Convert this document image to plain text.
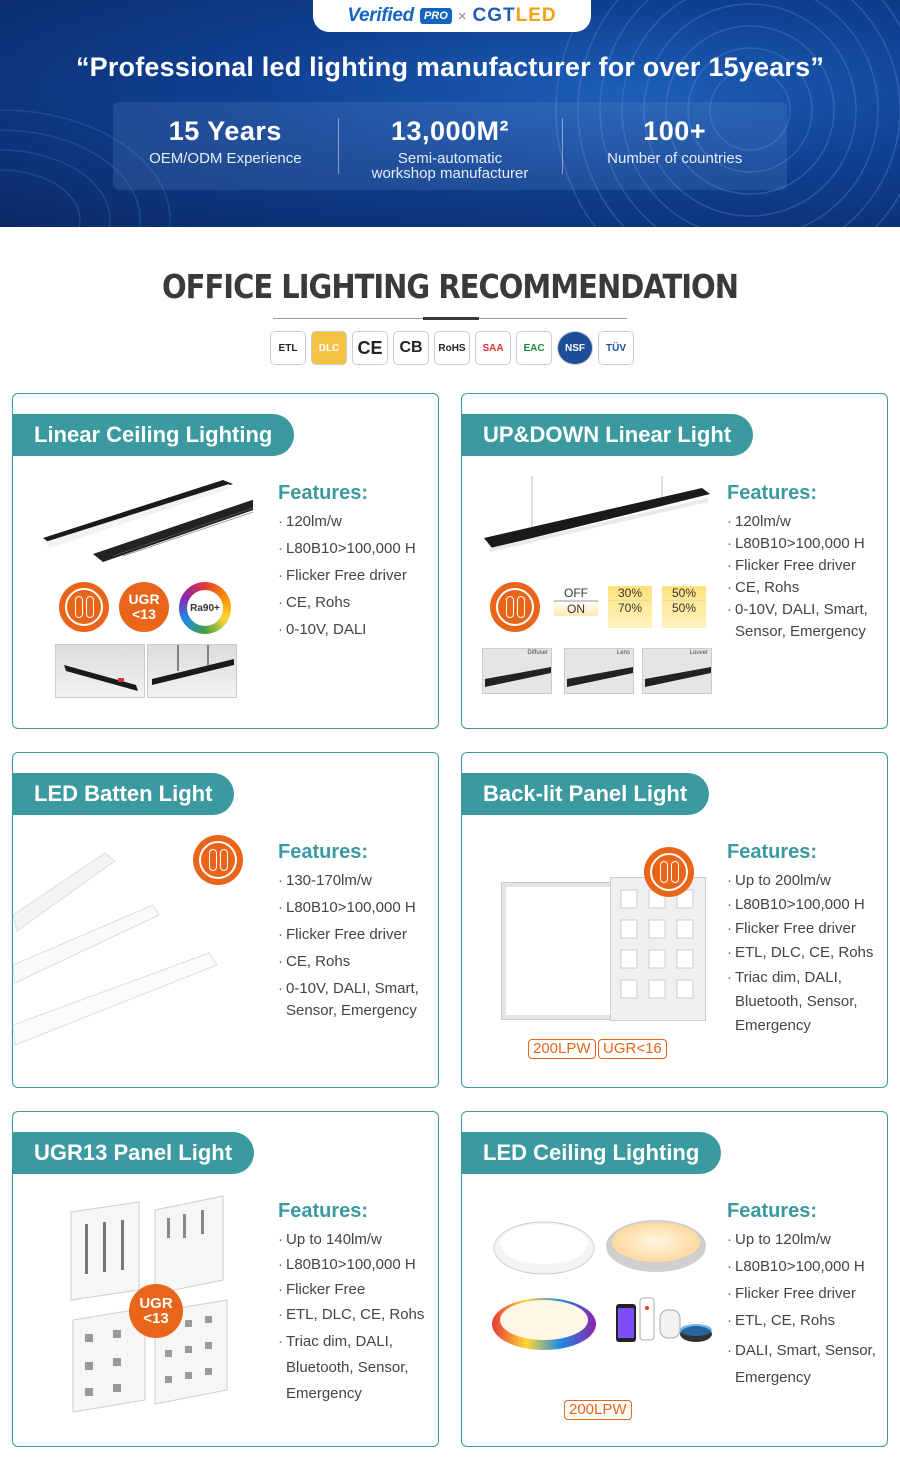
Verified PRO × CGTLED
“Professional led lighting manufacturer for over 15years”
15 Years
OEM/ODM Experience
13,000M²
Semi-automatic
workshop manufacturer
100+
Number of countries
OFFICE LIGHTING RECOMMENDATION
ETL DLC CE CB RoHS SAA EAC NSF TÜV
Linear Ceiling Lighting
UGR
<13	Ra90+
Features:
· 120lm/w
· L80B10>100,000 H
· Flicker Free driver
· CE, Rohs
· 0-10V, DALI
UP&DOWN Linear Light
OFF
ON
30%
70%
50%
50%
Diffuser	Lens	Louver
Features:
· 120lm/w
· L80B10>100,000 H
· Flicker Free driver
· CE, Rohs
· 0-10V, DALI, Smart, Sensor, Emergency
LED Batten Light
Features:
· 130-170lm/w
· L80B10>100,000 H
· Flicker Free driver
· CE, Rohs
· 0-10V, DALI, Smart, Sensor, Emergency
Back-lit Panel Light
200LPW UGR<16
Features:
· Up to 200lm/w
· L80B10>100,000 H
· Flicker Free driver
· ETL, DLC, CE, Rohs
· Triac dim, DALI, Bluetooth, Sensor, Emergency
UGR13 Panel Light
UGR
<13
Features:
· Up to 140lm/w
· L80B10>100,000 H
· Flicker Free
· ETL, DLC, CE, Rohs
· Triac dim, DALI, Bluetooth, Sensor, Emergency
LED Ceiling Lighting
200LPW
Features:
· Up to 120lm/w
· L80B10>100,000 H
· Flicker Free driver
· ETL, CE, Rohs
· DALI, Smart, Sensor, Emergency
